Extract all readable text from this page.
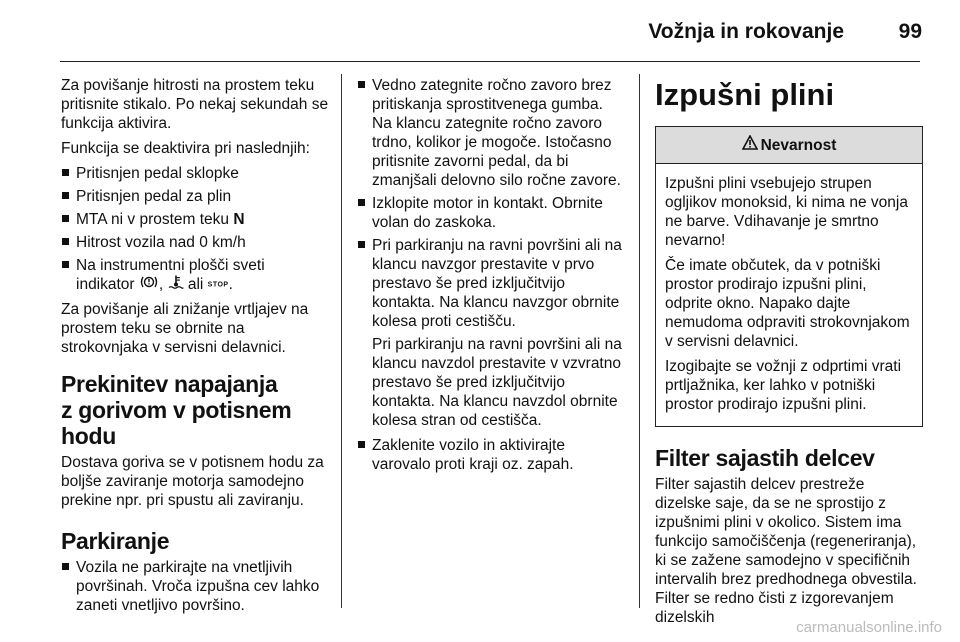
Vožnja in rokovanje	99

Za povišanje hitrosti na prostem teku pritisnite stikalo. Po nekaj sekundah se funkcija aktivira.

Funkcija se deaktivira pri naslednjih:

Pritisnjen pedal sklopke
Pritisnjen pedal za plin
MTA ni v prostem teku N
Hitrost vozila nad 0 km/h
Na instrumentni plošči sveti
indikator , ali STOP.

Za povišanje ali znižanje vrtljajev na prostem teku se obrnite na strokovnjaka v servisni delavnici.

Prekinitev napajanja
z gorivom v potisnem hodu

Dostava goriva se v potisnem hodu za boljše zaviranje motorja samodejno prekine npr. pri spustu ali zaviranju.

Parkiranje
Vozila ne parkirajte na vnetljivih površinah. Vroča izpušna cev lahko zaneti vnetljivo površino.
Vedno zategnite ročno zavoro brez pritiskanja sprostitvenega gumba. Na klancu zategnite ročno zavoro trdno, kolikor je mogoče. Istočasno pritisnite zavorni pedal, da bi zmanjšali delovno silo ročne zavore.
Izklopite motor in kontakt. Obrnite volan do zaskoka.
Pri parkiranju na ravni površini ali na klancu navzgor prestavite v prvo prestavo še pred izključitvijo kontakta. Na klancu navzgor obrnite kolesa proti cestišču.

Pri parkiranju na ravni površini ali na klancu navzdol prestavite v vzvratno prestavo še pred izključitvijo kontakta. Na klancu navzdol obrnite kolesa stran od cestišča.

Zaklenite vozilo in aktivirajte varovalo proti kraji oz. zapah.
Izpušni plini
Nevarnost

Izpušni plini vsebujejo strupen ogljikov monoksid, ki nima ne vonja ne barve. Vdihavanje je smrtno nevarno!

Če imate občutek, da v potniški prostor prodirajo izpušni plini, odprite okno. Napako dajte nemudoma odpraviti strokovnjakom v servisni delavnici.

Izogibajte se vožnji z odprtimi vrati prtljažnika, ker lahko v potniški prostor prodirajo izpušni plini.

Filter sajastih delcev

Filter sajastih delcev prestreže dizelske saje, da se ne sprostijo z izpušnimi plini v okolico. Sistem ima funkcijo samočiščenja (regeneriranja), ki se zažene samodejno v specifičnih intervalih brez predhodnega obvestila. Filter se redno čisti z izgorevanjem dizelskih

carmanualsonline.info
